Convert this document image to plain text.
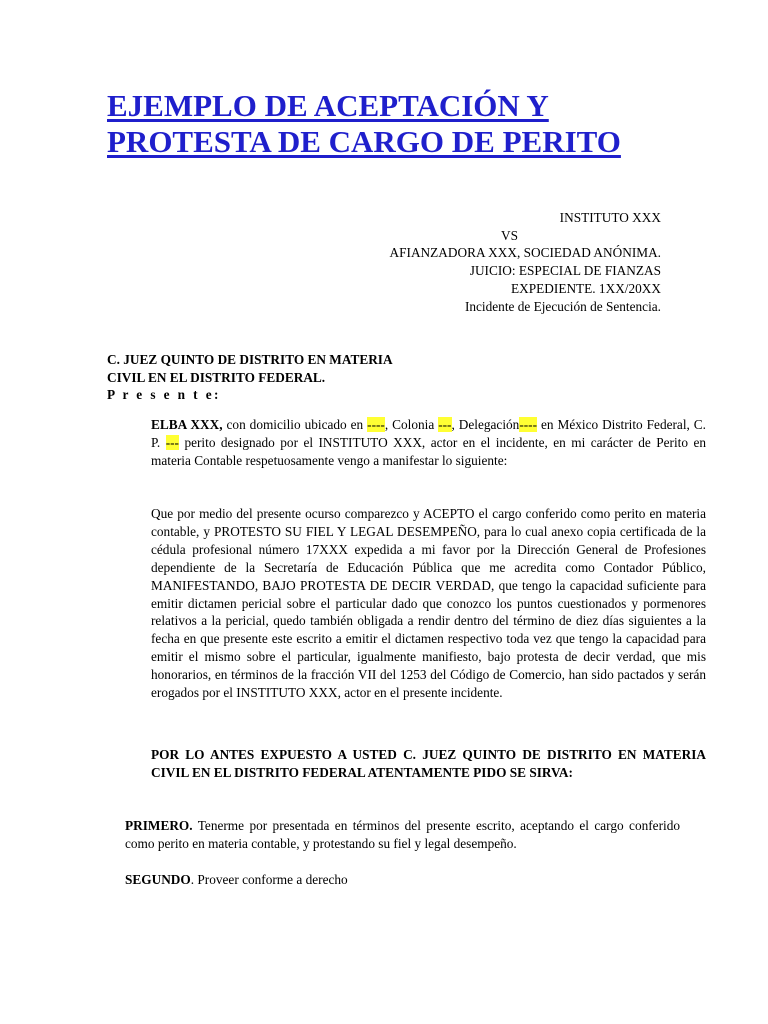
EJEMPLO DE ACEPTACIÓN Y
PROTESTA DE CARGO DE PERITO
INSTITUTO XXX

VS
AFIANZADORA XXX, SOCIEDAD ANÓNIMA.
JUICIO: ESPECIAL DE FIANZAS
EXPEDIENTE. 1XX/20XX
Incidente de Ejecución de Sentencia.
C. JUEZ QUINTO DE DISTRITO EN MATERIA
CIVIL EN EL DISTRITO FEDERAL.
P r e s e n t e:

ELBA XXX, con domicilio ubicado en ----, Colonia ---, Delegación---- en México Distrito Federal, C. P. --- perito designado por el INSTITUTO XXX, actor en el incidente, en mi carácter de Perito en materia Contable respetuosamente vengo a manifestar lo siguiente:

Que por medio del presente ocurso comparezco y ACEPTO el cargo conferido como perito en materia contable, y PROTESTO SU FIEL Y LEGAL DESEMPEÑO, para lo cual anexo copia certificada de la cédula profesional número 17XXX expedida a mi favor por la Dirección General de Profesiones dependiente de la Secretaría de Educación Pública que me acredita como Contador Público, MANIFESTANDO, BAJO PROTESTA DE DECIR VERDAD, que tengo la capacidad suficiente para emitir dictamen pericial sobre el particular dado que conozco los puntos cuestionados y pormenores relativos a la pericial, quedo también obligada a rendir dentro del término de diez días siguientes a la fecha en que presente este escrito a emitir el dictamen respectivo toda vez que tengo la capacidad para emitir el mismo sobre el particular, igualmente manifiesto, bajo protesta de decir verdad, que mis honorarios, en términos de la fracción VII del 1253 del Código de Comercio, han sido pactados y serán erogados por el INSTITUTO XXX, actor en el presente incidente.

POR LO ANTES EXPUESTO A USTED C. JUEZ QUINTO DE DISTRITO EN MATERIA CIVIL EN EL DISTRITO FEDERAL ATENTAMENTE PIDO SE SIRVA:

PRIMERO. Tenerme por presentada en términos del presente escrito, aceptando el cargo conferido como perito en materia contable, y protestando su fiel y legal desempeño.

SEGUNDO. Proveer conforme a derecho
